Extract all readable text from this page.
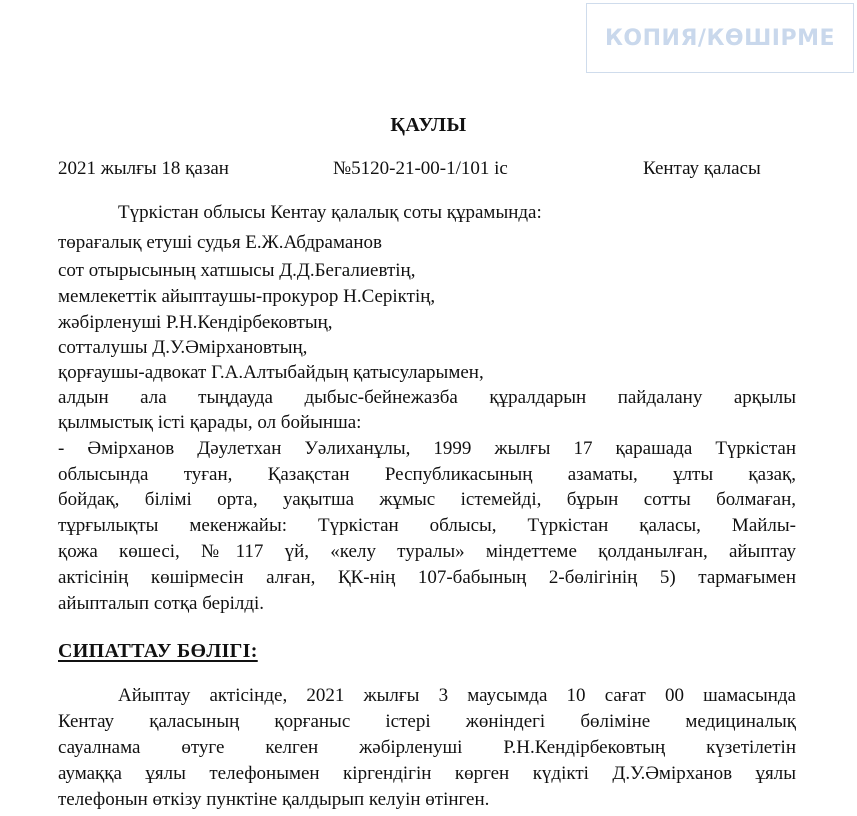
КОПИЯ/КӨШІРМЕ
ҚАУЛЫ
2021 жылғы 18 қазан	№5120-21-00-1/101 іс	Кентау қаласы
Түркістан облысы Кентау қалалық соты құрамында:
төрағалық етуші судья Е.Ж.Абдраманов
сот отырысының хатшысы Д.Д.Бегалиевтің,
мемлекеттік айыптаушы-прокурор Н.Серіктің,
жәбірленуші Р.Н.Кендірбековтың,
сотталушы Д.У.Әмірхановтың,
қорғаушы-адвокат Г.А.Алтыбайдың қатысуларымен,
алдын ала тыңдауда дыбыс-бейнежазба құралдарын пайдалану арқылы
қылмыстық істі қарады, ол бойынша:
- Әмірханов Дәулетхан Уәлиханұлы, 1999 жылғы 17 қарашада Түркістан
облысында туған, Қазақстан Республикасының азаматы, ұлты қазақ,
бойдақ, білімі орта, уақытша жұмыс істемейді, бұрын сотты болмаған,
тұрғылықты мекенжайы: Түркістан облысы, Түркістан қаласы, Майлы-
қожа көшесі, №117 үй, «келу туралы» міндеттеме қолданылған, айыптау
актісінің көшірмесін алған, ҚК-нің 107-бабының 2-бөлігінің 5) тармағымен
айыпталып сотқа берілді.
СИПАТТАУ БӨЛІГІ:
Айыптау актісінде, 2021 жылғы 3 маусымда 10 сағат 00 шамасында
Кентау қаласының қорғаныс істері жөніндегі бөліміне медициналық
сауалнама өтуге келген жәбірленуші Р.Н.Кендірбековтың күзетілетін
аумаққа ұялы телефонымен кіргендігін көрген күдікті Д.У.Әмірханов ұялы
телефонын өткізу пунктіне қалдырып келуін өтінген.
